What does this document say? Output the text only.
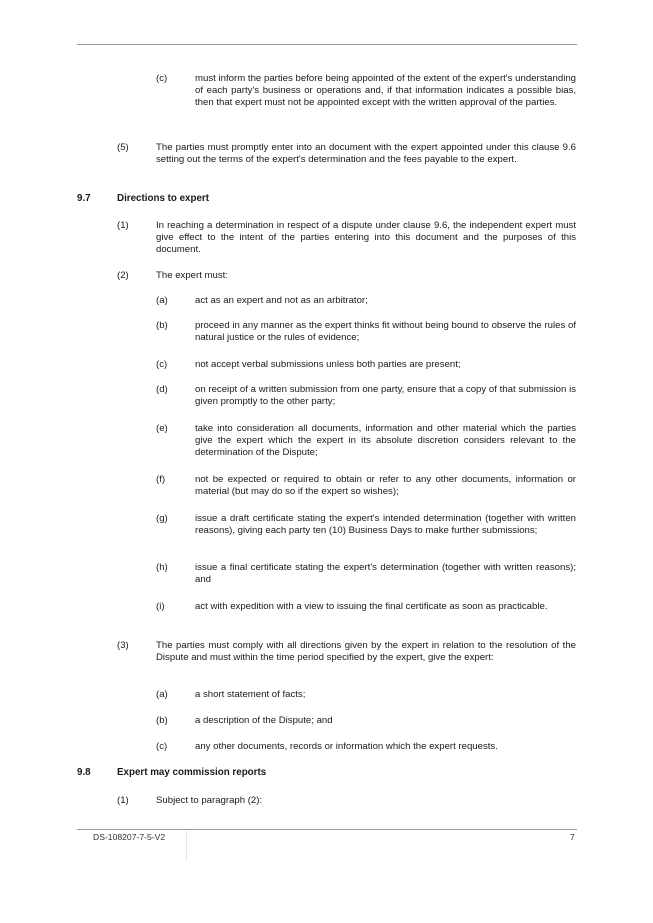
(c)	must inform the parties before being appointed of the extent of the expert's understanding of each party's business or operations and, if that information indicates a possible bias, then that expert must not be appointed except with the written approval of the parties.
(5)	The parties must promptly enter into an document with the expert appointed under this clause 9.6 setting out the terms of the expert's determination and the fees payable to the expert.
9.7	Directions to expert
(1)	In reaching a determination in respect of a dispute under clause 9.6, the independent expert must give effect to the intent of the parties entering into this document and the purposes of this document.
(2)	The expert must:
(a)	act as an expert and not as an arbitrator;
(b)	proceed in any manner as the expert thinks fit without being bound to observe the rules of natural justice or the rules of evidence;
(c)	not accept verbal submissions unless both parties are present;
(d)	on receipt of a written submission from one party, ensure that a copy of that submission is given promptly to the other party;
(e)	take into consideration all documents, information and other material which the parties give the expert which the expert in its absolute discretion considers relevant to the determination of the Dispute;
(f)	not be expected or required to obtain or refer to any other documents, information or material (but may do so if the expert so wishes);
(g)	issue a draft certificate stating the expert's intended determination (together with written reasons), giving each party ten (10) Business Days to make further submissions;
(h)	issue a final certificate stating the expert's determination (together with written reasons); and
(i)	act with expedition with a view to issuing the final certificate as soon as practicable.
(3)	The parties must comply with all directions given by the expert in relation to the resolution of the Dispute and must within the time period specified by the expert, give the expert:
(a)	a short statement of facts;
(b)	a description of the Dispute; and
(c)	any other documents, records or information which the expert requests.
9.8	Expert may commission reports
(1)	Subject to paragraph (2):
DS-108207-7-5-V2	7
